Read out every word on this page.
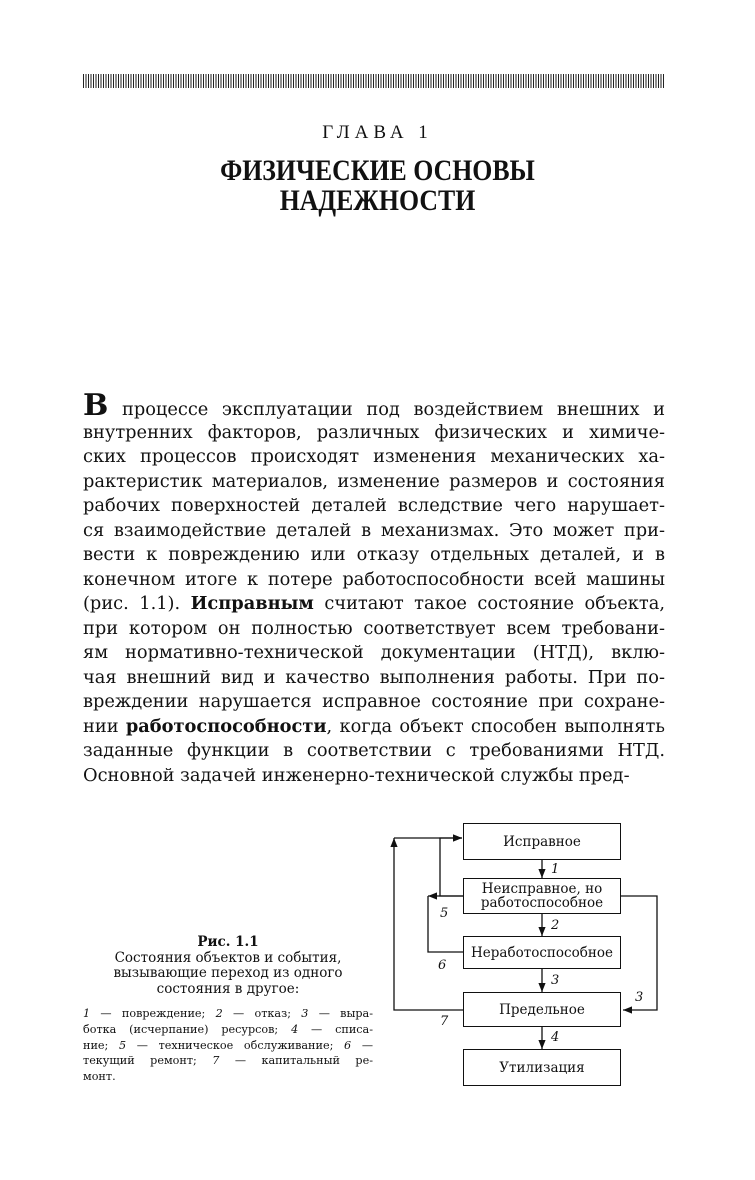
ГЛАВА 1
ФИЗИЧЕСКИЕ ОСНОВЫ
НАДЕЖНОСТИ
В процессе эксплуатации под воздействием внешних и
внутренних факторов, различных физических и химиче-
ских процессов происходят изменения механических ха-
рактеристик материалов, изменение размеров и состояния
рабочих поверхностей деталей вследствие чего нарушает-
ся взаимодействие деталей в механизмах. Это может при-
вести к повреждению или отказу отдельных деталей, и в
конечном итоге к потере работоспособности всей машины
(рис. 1.1). Исправным считают такое состояние объекта,
при котором он полностью соответствует всем требовани-
ям нормативно-технической документации (НТД), вклю-
чая внешний вид и качество выполнения работы. При по-
вреждении нарушается исправное состояние при сохране-
нии работоспособности, когда объект способен выполнять
заданные функции в соответствии с требованиями НТД.
Основной задачей инженерно-технической службы пред-
Рис. 1.1
Состояния объектов и события,
вызывающие переход из одного
состояния в другое:
1 — повреждение; 2 — отказ; 3 — выра-
ботка (исчерпание) ресурсов; 4 — списа-
ние; 5 — техническое обслуживание; 6 —
текущий ремонт; 7 — капитальный ре-
монт.
Исправное
Неисправное, но
работоспособное
Неработоспособное
Предельное
Утилизация
1
2
3
4
5
6
7
3
